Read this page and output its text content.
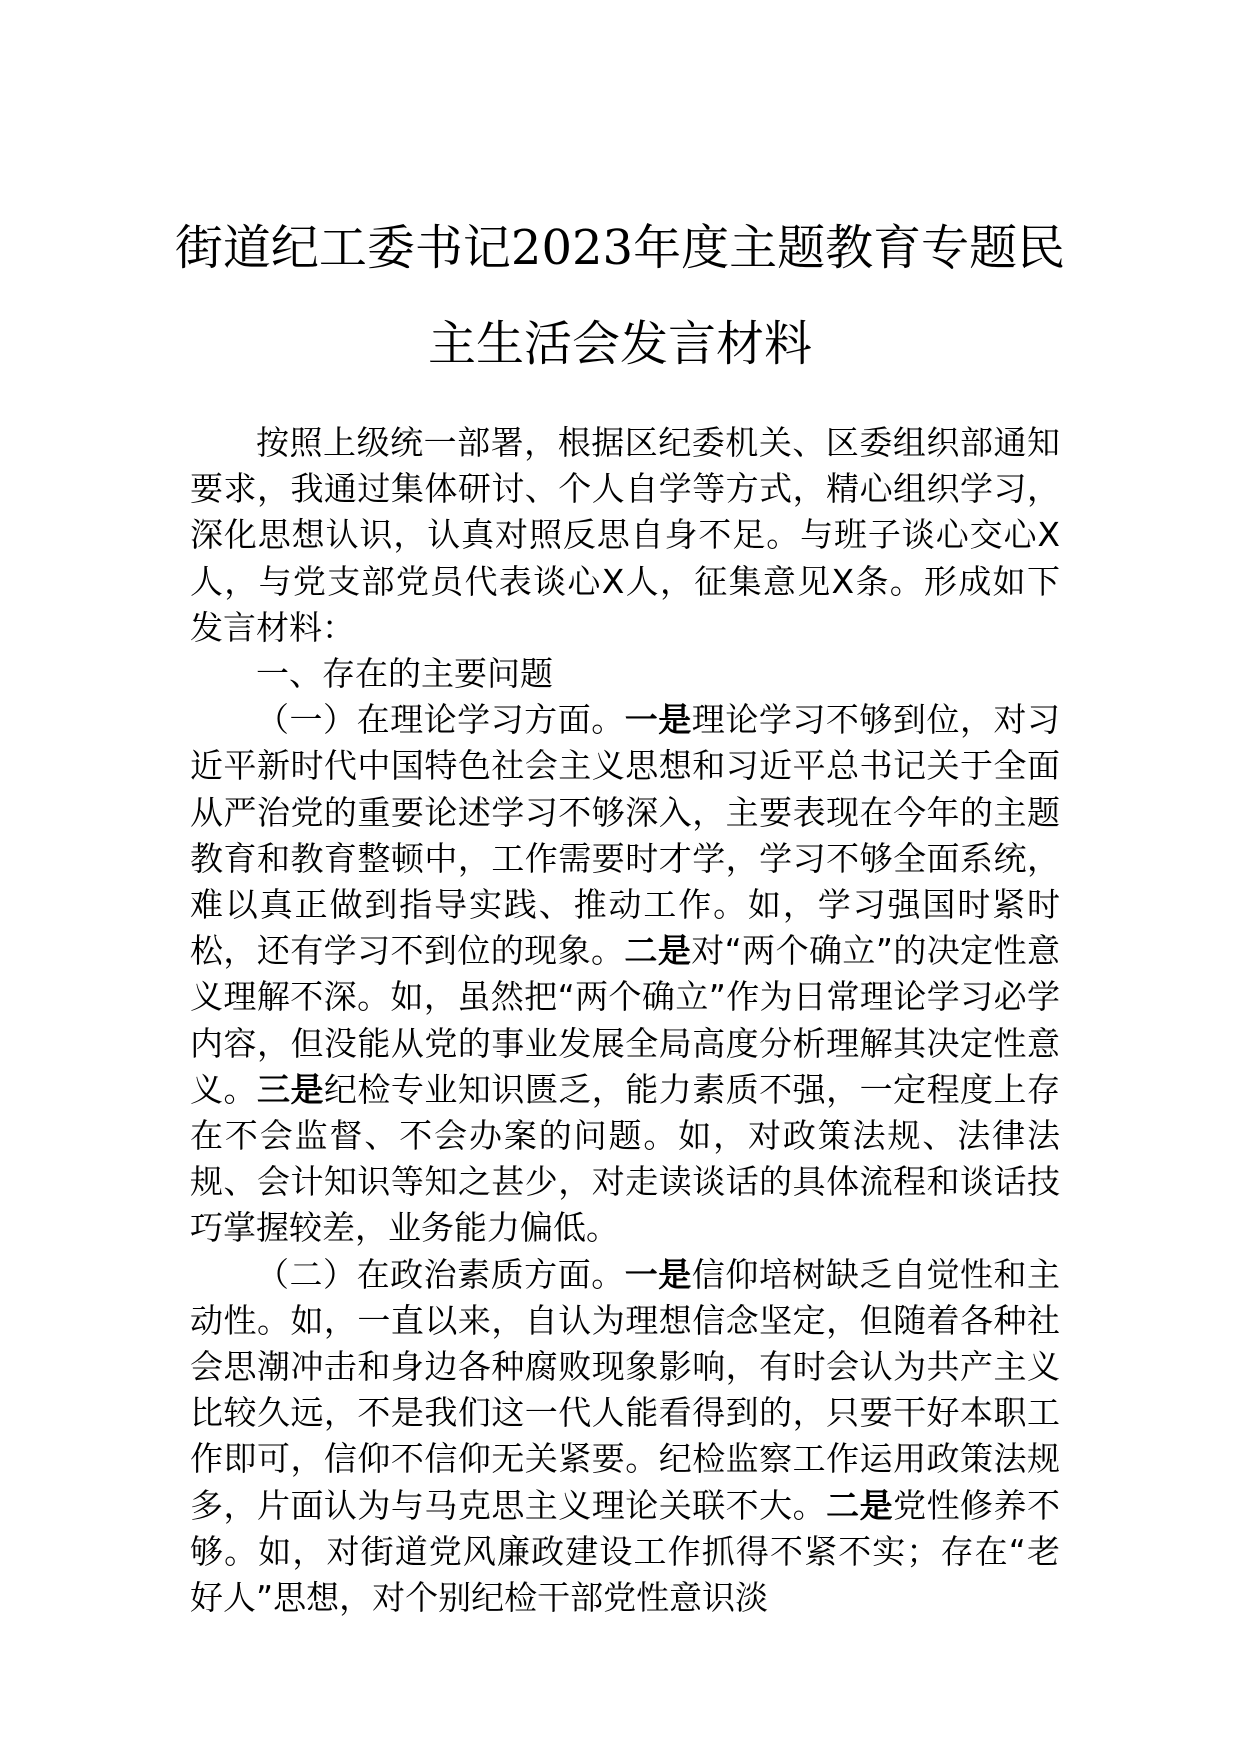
街道纪工委书记2023年度主题教育专题民
主生活会发言材料

按照上级统一部署，根据区纪委机关、区委组织部通知要求，我通过集体研讨、个人自学等方式，精心组织学习，深化思想认识，认真对照反思自身不足。与班子谈心交心X人，与党支部党员代表谈心X人，征集意见X条。形成如下发言材料：

一、存在的主要问题

（一）在理论学习方面。一是理论学习不够到位，对习近平新时代中国特色社会主义思想和习近平总书记关于全面从严治党的重要论述学习不够深入，主要表现在今年的主题教育和教育整顿中，工作需要时才学，学习不够全面系统，难以真正做到指导实践、推动工作。如，学习强国时紧时松，还有学习不到位的现象。二是对“两个确立”的决定性意义理解不深。如，虽然把“两个确立”作为日常理论学习必学内容，但没能从党的事业发展全局高度分析理解其决定性意义。三是纪检专业知识匮乏，能力素质不强，一定程度上存在不会监督、不会办案的问题。如，对政策法规、法律法规、会计知识等知之甚少，对走读谈话的具体流程和谈话技巧掌握较差，业务能力偏低。

（二）在政治素质方面。一是信仰培树缺乏自觉性和主动性。如，一直以来，自认为理想信念坚定，但随着各种社会思潮冲击和身边各种腐败现象影响，有时会认为共产主义比较久远，不是我们这一代人能看得到的，只要干好本职工作即可，信仰不信仰无关紧要。纪检监察工作运用政策法规多，片面认为与马克思主义理论关联不大。二是党性修养不够。如，对街道党风廉政建设工作抓得不紧不实；存在“老好人”思想，对个别纪检干部党性意识淡
